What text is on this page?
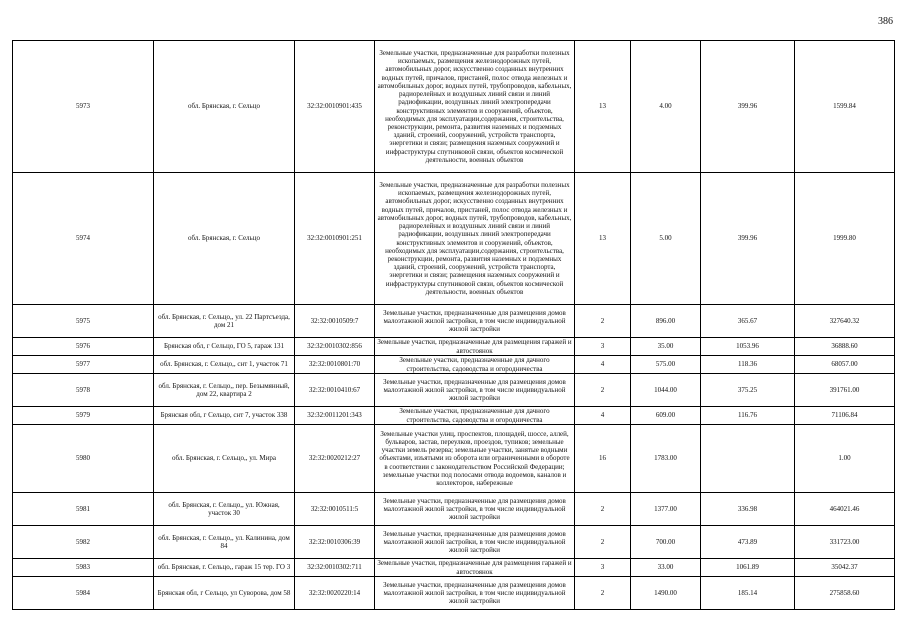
386
5973	обл. Брянская, г. Сельцо	32:32:0010901:435	Земельные участки, предназначенные для разработки полезных ископаемых, размещения железнодорожных путей, автомобильных дорог, искусственно созданных внутренних водных путей, причалов, пристаней, полос отвода железных и автомобильных дорог, водных путей, трубопроводов, кабельных, радиорелейных и воздушных линий связи и линий радиофикации, воздушных линий электропередачи конструктивных элементов и сооружений, объектов, необходимых для эксплуатации,содержания, строительства, реконструкции, ремонта, развития наземных и подземных зданий, строений, сооружений, устройств транспорта, энергетики и связи; размещения наземных сооружений и инфраструктуры спутниковой связи, объектов космической деятельности, военных объектов	13	4.00	399.96	1599.84
5974	обл. Брянская, г. Сельцо	32:32:0010901:251	Земельные участки, предназначенные для разработки полезных ископаемых, размещения железнодорожных путей, автомобильных дорог, искусственно созданных внутренних водных путей, причалов, пристаней, полос отвода железных и автомобильных дорог, водных путей, трубопроводов, кабельных, радиорелейных и воздушных линий связи и линий радиофикации, воздушных линий электропередачи конструктивных элементов и сооружений, объектов, необходимых для эксплуатации,содержания, строительства, реконструкции, ремонта, развития наземных и подземных зданий, строений, сооружений, устройств транспорта, энергетики и связи; размещения наземных сооружений и инфраструктуры спутниковой связи, объектов космической деятельности, военных объектов	13	5.00	399.96	1999.80
5975	обл. Брянская, г. Сельцо,, ул. 22 Партсъезда, дом 21	32:32:0010509:7	Земельные участки, предназначенные для размещения домов малоэтажной жилой застройки, в том числе индивидуальной жилой застройки	2	896.00	365.67	327640.32
5976	Брянская обл, г Сельцо, ГО 5, гараж 131	32:32:0010302:856	Земельные участки, предназначенные для размещения гаражей и автостоянок	3	35.00	1053.96	36888.60
5977	обл. Брянская, г. Сельцо,, снт 1, участок 71	32:32:0010801:70	Земельные участки, предназначенные для дачного строительства, садоводства и огородничества	4	575.00	118.36	68057.00
5978	обл. Брянская, г. Сельцо,, пер. Безымянный, дом 22, квартира 2	32:32:0010410:67	Земельные участки, предназначенные для размещения домов малоэтажной жилой застройки, в том числе индивидуальной жилой застройки	2	1044.00	375.25	391761.00
5979	Брянская обл, г Сельцо, снт 7, участок 338	32:32:0011201:343	Земельные участки, предназначенные для дачного строительства, садоводства и огородничества	4	609.00	116.76	71106.84
5980	обл. Брянская, г. Сельцо,, ул. Мира	32:32:0020212:27	Земельные участки улиц, проспектов, площадей, шоссе, аллей, бульваров, застав, переулков, проездов, тупиков; земельные участки земель резерва; земельные участки, занятые водными объектами, изъятыми из оборота или ограниченными в обороте в соответствии с законодательством Российской Федерации; земельные участки под полосами отвода водоемов, каналов и коллекторов, набережные	16	1783.00		1.00
5981	обл. Брянская, г. Сельцо,, ул. Южная, участок 30	32:32:0010511:5	Земельные участки, предназначенные для размещения домов малоэтажной жилой застройки, в том числе индивидуальной жилой застройки	2	1377.00	336.98	464021.46
5982	обл. Брянская, г. Сельцо,, ул. Калинина, дом 84	32:32:0010306:39	Земельные участки, предназначенные для размещения домов малоэтажной жилой застройки, в том числе индивидуальной жилой застройки	2	700.00	473.89	331723.00
5983	обл. Брянская, г. Сельцо,, гараж 15 тер. ГО 3	32:32:0010302:711	Земельные участки, предназначенные для размещения гаражей и автостоянок	3	33.00	1061.89	35042.37
5984	Брянская обл, г Сельцо, ул Суворова, дом 58	32:32:0020220:14	Земельные участки, предназначенные для размещения домов малоэтажной жилой застройки, в том числе индивидуальной жилой застройки	2	1490.00	185.14	275858.60
